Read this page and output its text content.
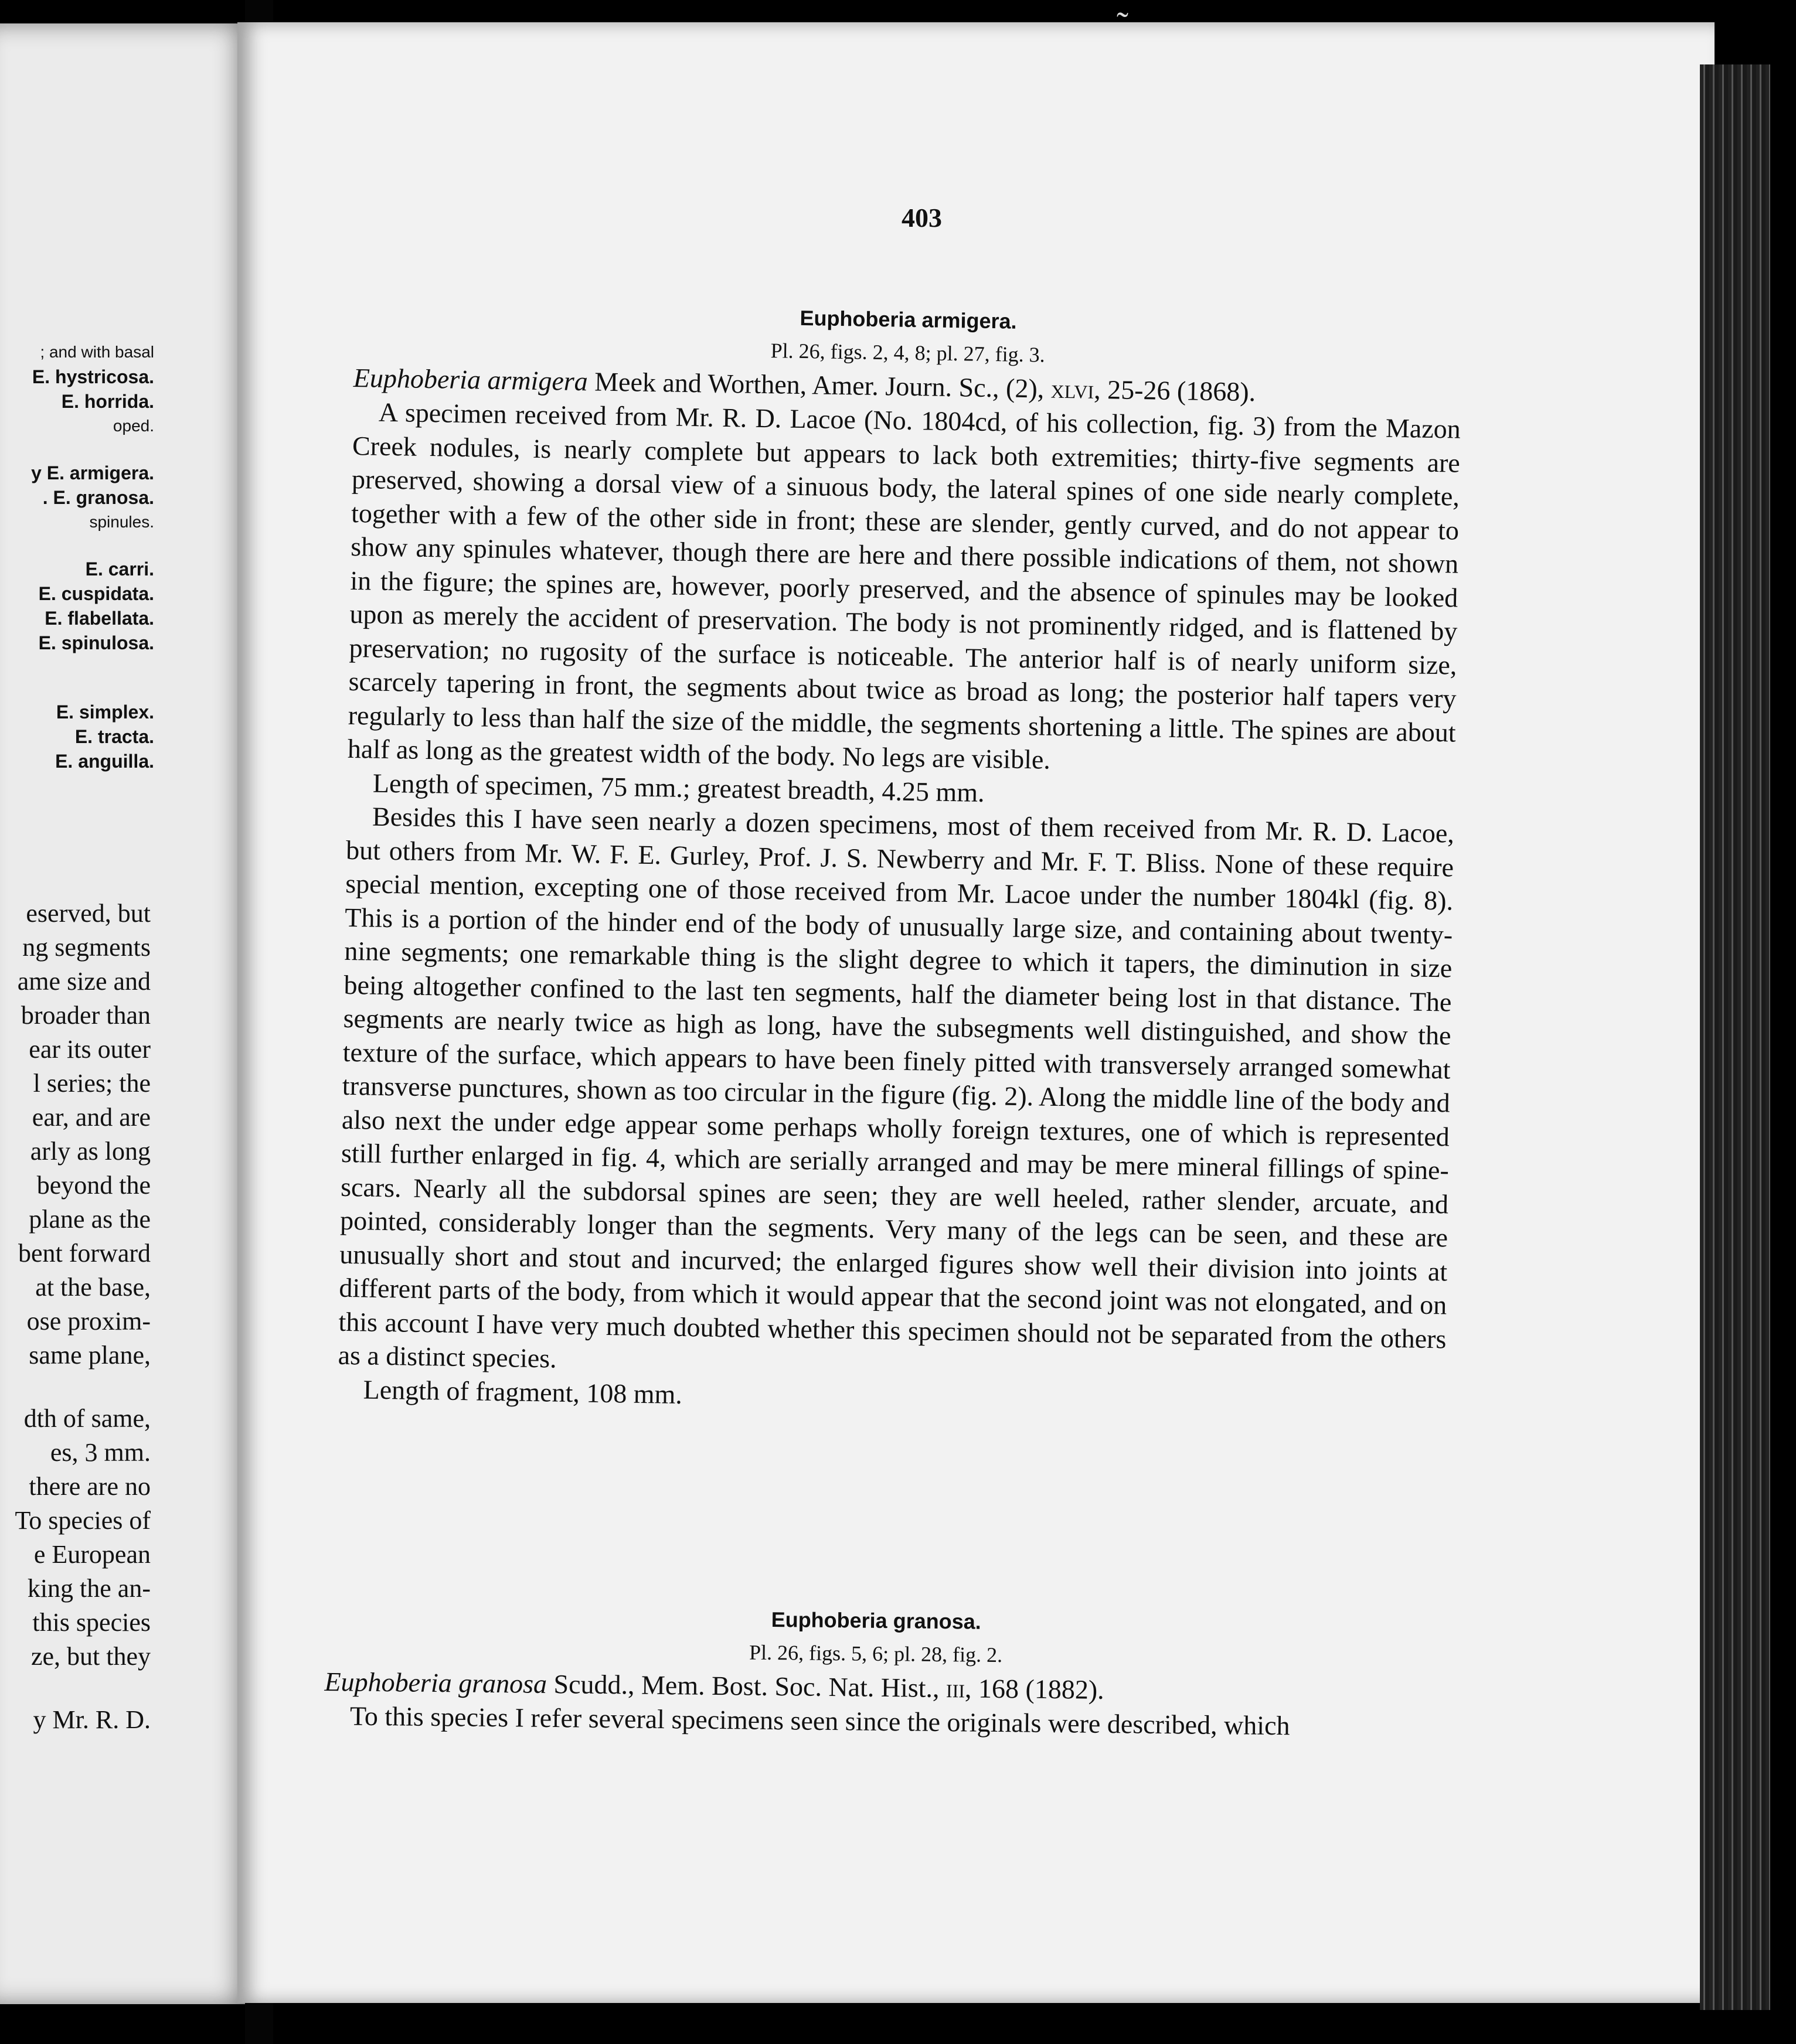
; and with basal
E. hystricosa.
E. horrida.
oped.
y E. armigera.
. E. granosa.
spinules.
E. carri.
E. cuspidata.
E. flabellata.
E. spinulosa.
E. simplex.
E. tracta.
E. anguilla.
eserved, but
ng segments
ame size and
broader than
ear its outer
l series; the
ear, and are
arly as long
beyond the
plane as the
bent forward
at the base,
ose proxim-
same plane,
dth of same,
es, 3 mm.
there are no
To species of
e European
king the an-
this species
ze, but they
y Mr. R. D.
403
Euphoberia armigera.
Pl. 26, figs. 2, 4, 8; pl. 27, fig. 3.
Euphoberia armigera Meek and Worthen, Amer. Journ. Sc., (2), xlvi, 25-26 (1868).

A specimen received from Mr. R. D. Lacoe (No. 1804cd, of his collection, fig. 3) from the Mazon Creek nodules, is nearly complete but appears to lack both extremities; thirty-five segments are preserved, showing a dorsal view of a sinuous body, the lateral spines of one side nearly complete, together with a few of the other side in front; these are slender, gently curved, and do not appear to show any spinules whatever, though there are here and there possible indications of them, not shown in the figure; the spines are, however, poorly preserved, and the absence of spinules may be looked upon as merely the accident of preservation. The body is not prominently ridged, and is flattened by preservation; no rugosity of the surface is noticeable. The anterior half is of nearly uniform size, scarcely tapering in front, the segments about twice as broad as long; the posterior half tapers very regularly to less than half the size of the middle, the segments shortening a little. The spines are about half as long as the greatest width of the body. No legs are visible.

Length of specimen, 75 mm.; greatest breadth, 4.25 mm.

Besides this I have seen nearly a dozen specimens, most of them received from Mr. R. D. Lacoe, but others from Mr. W. F. E. Gurley, Prof. J. S. Newberry and Mr. F. T. Bliss. None of these require special mention, excepting one of those received from Mr. Lacoe under the number 1804kl (fig. 8). This is a portion of the hinder end of the body of unusually large size, and containing about twenty-nine segments; one remarkable thing is the slight degree to which it tapers, the diminution in size being altogether confined to the last ten segments, half the diameter being lost in that distance. The segments are nearly twice as high as long, have the subsegments well distinguished, and show the texture of the surface, which appears to have been finely pitted with transversely arranged somewhat transverse punctures, shown as too circular in the figure (fig. 2). Along the middle line of the body and also next the under edge appear some perhaps wholly foreign textures, one of which is represented still further enlarged in fig. 4, which are serially arranged and may be mere mineral fillings of spine-scars. Nearly all the subdorsal spines are seen; they are well heeled, rather slender, arcuate, and pointed, considerably longer than the segments. Very many of the legs can be seen, and these are unusually short and stout and incurved; the enlarged figures show well their division into joints at different parts of the body, from which it would appear that the second joint was not elongated, and on this account I have very much doubted whether this specimen should not be separated from the others as a distinct species.

Length of fragment, 108 mm.

Euphoberia granosa.
Pl. 26, figs. 5, 6; pl. 28, fig. 2.
Euphoberia granosa Scudd., Mem. Bost. Soc. Nat. Hist., iii, 168 (1882).

To this species I refer several specimens seen since the originals were described, which
